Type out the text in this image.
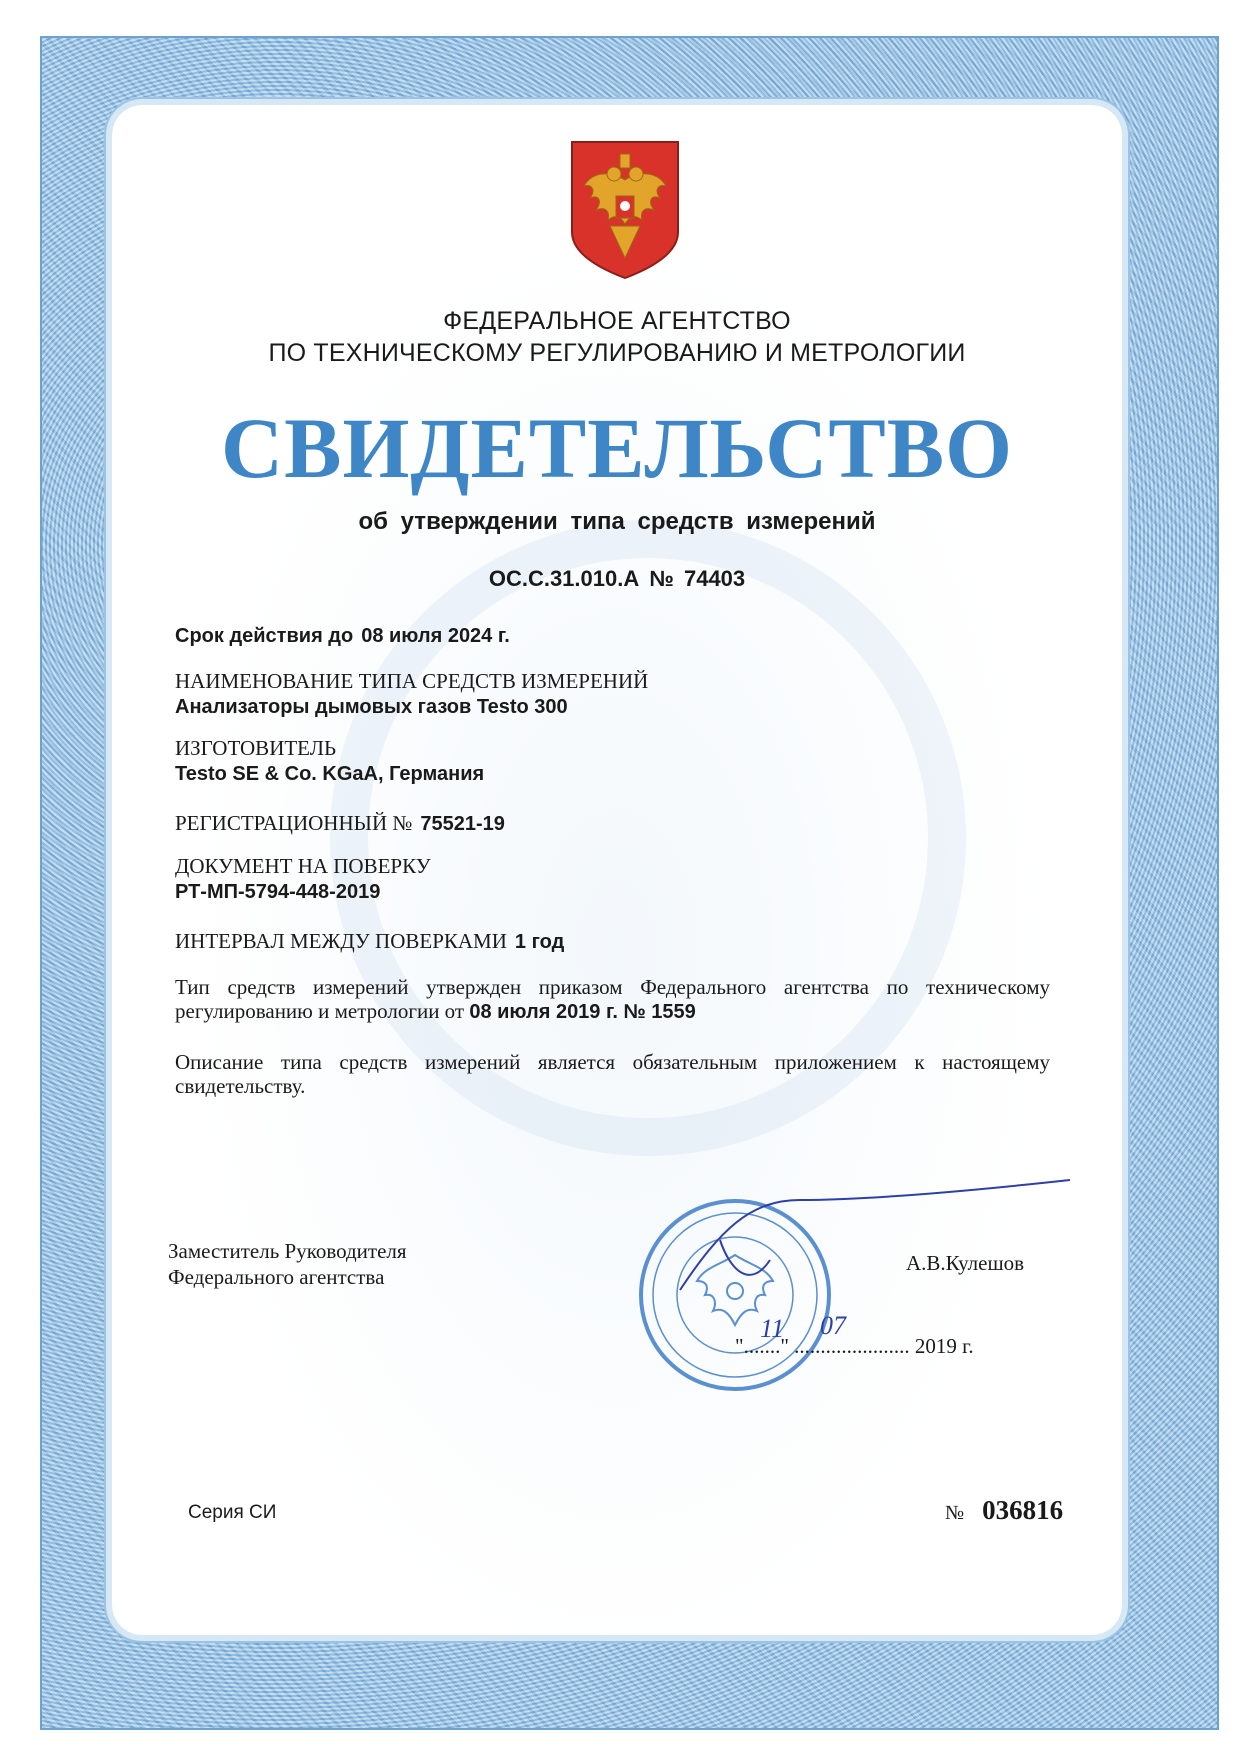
ФЕДЕРАЛЬНОЕ АГЕНТСТВО
ПО ТЕХНИЧЕСКОМУ РЕГУЛИРОВАНИЮ И МЕТРОЛОГИИ
СВИДЕТЕЛЬСТВО
об утверждении типа средств измерений
ОС.С.31.010.А № 74403
Срок действия до 08 июля 2024 г.
НАИМЕНОВАНИЕ ТИПА СРЕДСТВ ИЗМЕРЕНИЙ
Анализаторы дымовых газов Testo 300
ИЗГОТОВИТЕЛЬ
Testo SE & Co. KGaA, Германия
РЕГИСТРАЦИОННЫЙ № 75521-19
ДОКУМЕНТ НА ПОВЕРКУ
РТ-МП-5794-448-2019
ИНТЕРВАЛ МЕЖДУ ПОВЕРКАМИ 1 год
Тип средств измерений утвержден приказом Федерального агентства по техническому регулированию и метрологии от 08 июля 2019 г. № 1559
Описание типа средств измерений является обязательным приложением к настоящему свидетельству.
Заместитель Руководителя
Федерального агентства
А.В.Кулешов
"......." ...................... 2019 г.
11 07
Серия СИ	№ 036816
